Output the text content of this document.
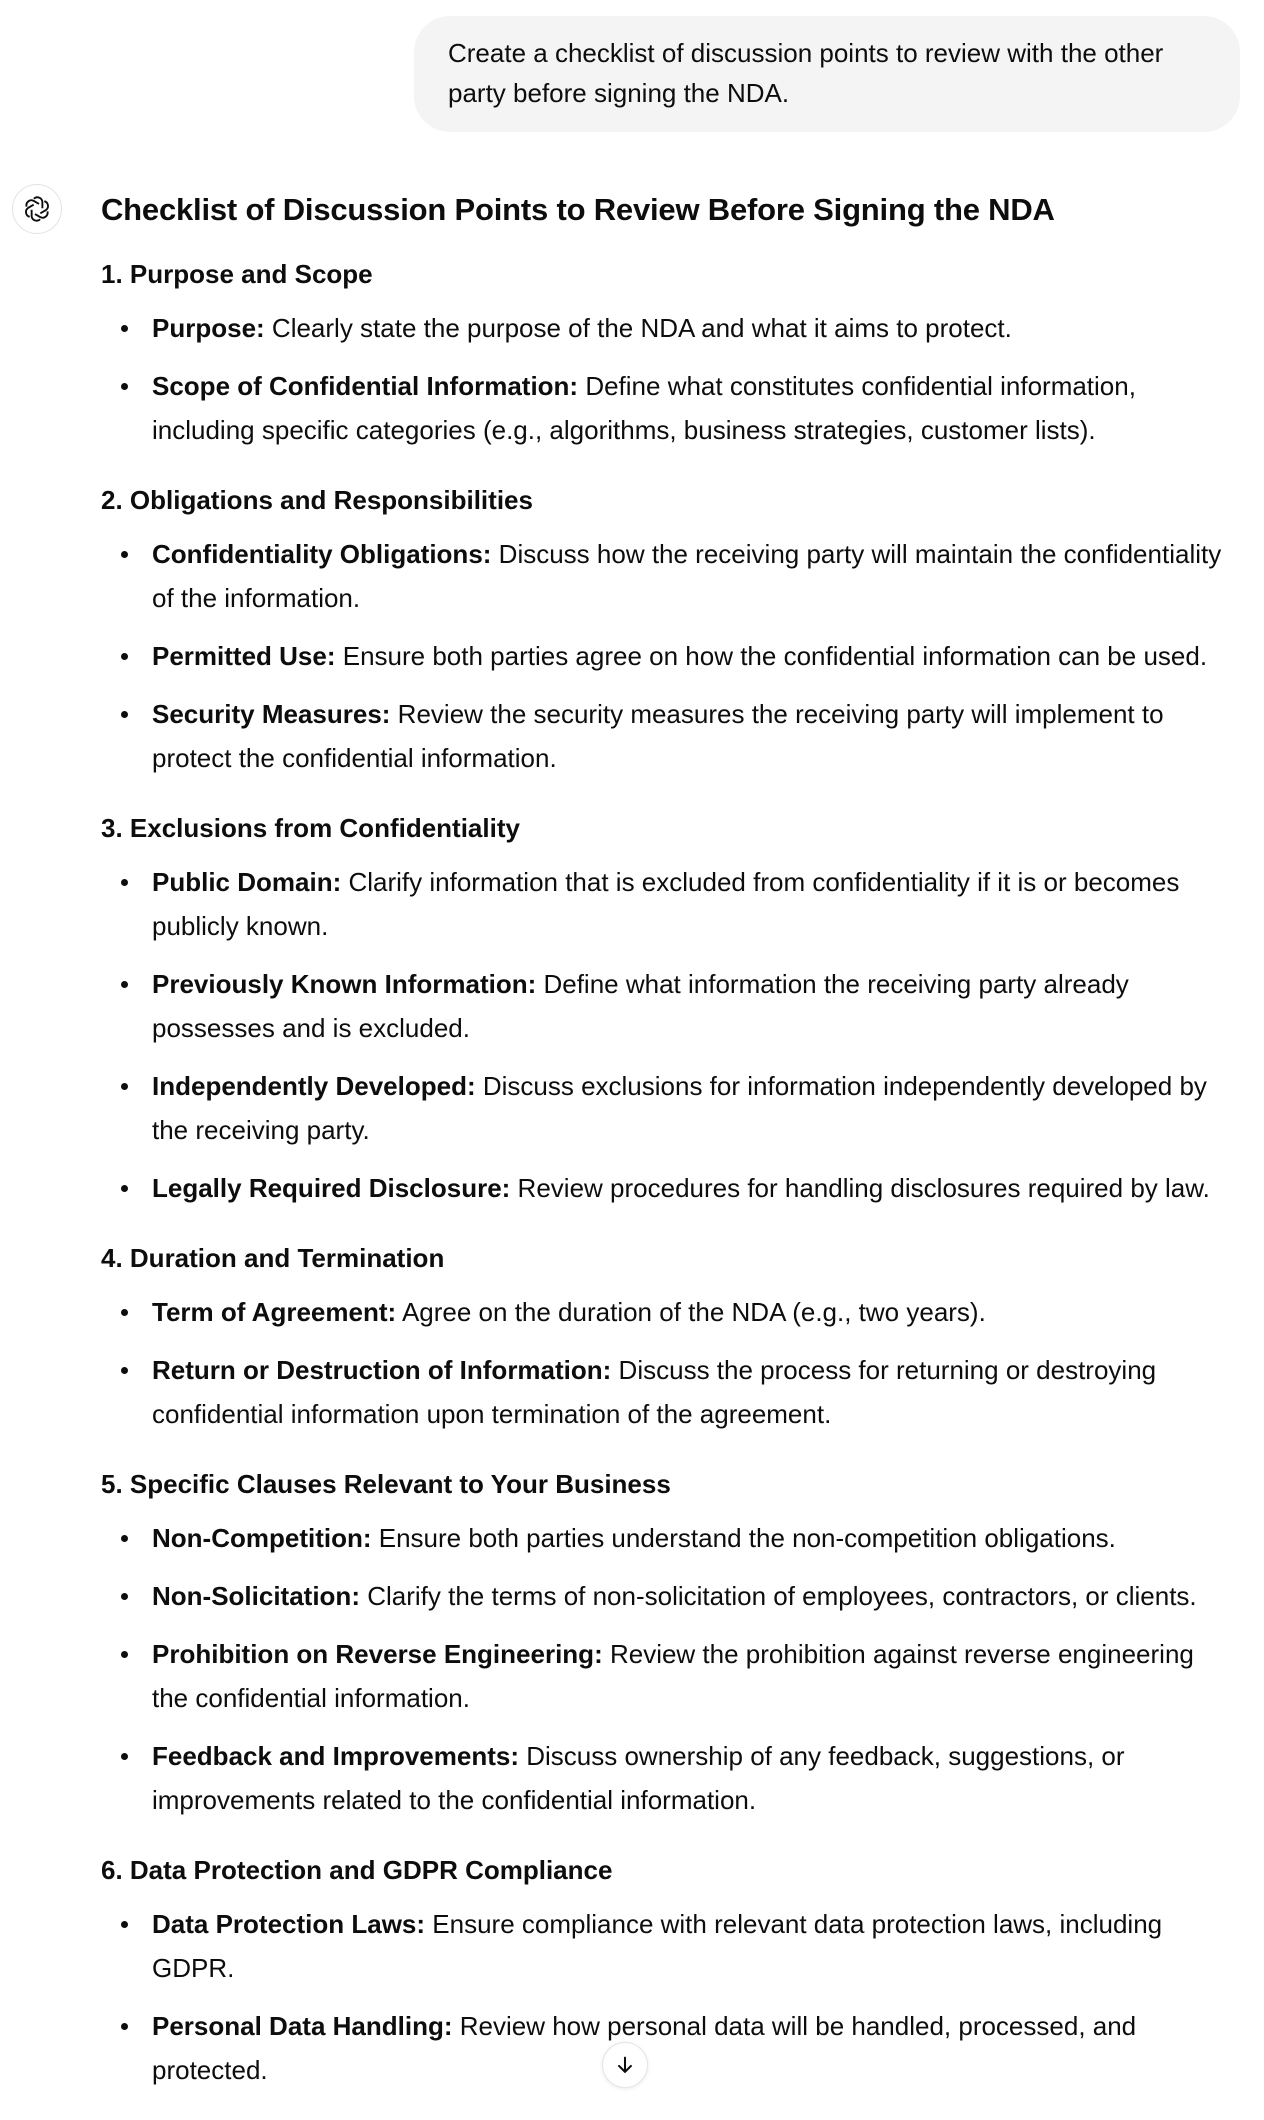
Create a checklist of discussion points to review with the other party before signing the NDA.
Checklist of Discussion Points to Review Before Signing the NDA
1. Purpose and Scope
Purpose: Clearly state the purpose of the NDA and what it aims to protect.
Scope of Confidential Information: Define what constitutes confidential information, including specific categories (e.g., algorithms, business strategies, customer lists).
2. Obligations and Responsibilities
Confidentiality Obligations: Discuss how the receiving party will maintain the confidentiality of the information.
Permitted Use: Ensure both parties agree on how the confidential information can be used.
Security Measures: Review the security measures the receiving party will implement to protect the confidential information.
3. Exclusions from Confidentiality
Public Domain: Clarify information that is excluded from confidentiality if it is or becomes publicly known.
Previously Known Information: Define what information the receiving party already possesses and is excluded.
Independently Developed: Discuss exclusions for information independently developed by the receiving party.
Legally Required Disclosure: Review procedures for handling disclosures required by law.
4. Duration and Termination
Term of Agreement: Agree on the duration of the NDA (e.g., two years).
Return or Destruction of Information: Discuss the process for returning or destroying confidential information upon termination of the agreement.
5. Specific Clauses Relevant to Your Business
Non-Competition: Ensure both parties understand the non-competition obligations.
Non-Solicitation: Clarify the terms of non-solicitation of employees, contractors, or clients.
Prohibition on Reverse Engineering: Review the prohibition against reverse engineering the confidential information.
Feedback and Improvements: Discuss ownership of any feedback, suggestions, or improvements related to the confidential information.
6. Data Protection and GDPR Compliance
Data Protection Laws: Ensure compliance with relevant data protection laws, including GDPR.
Personal Data Handling: Review how personal data will be handled, processed, and protected.
